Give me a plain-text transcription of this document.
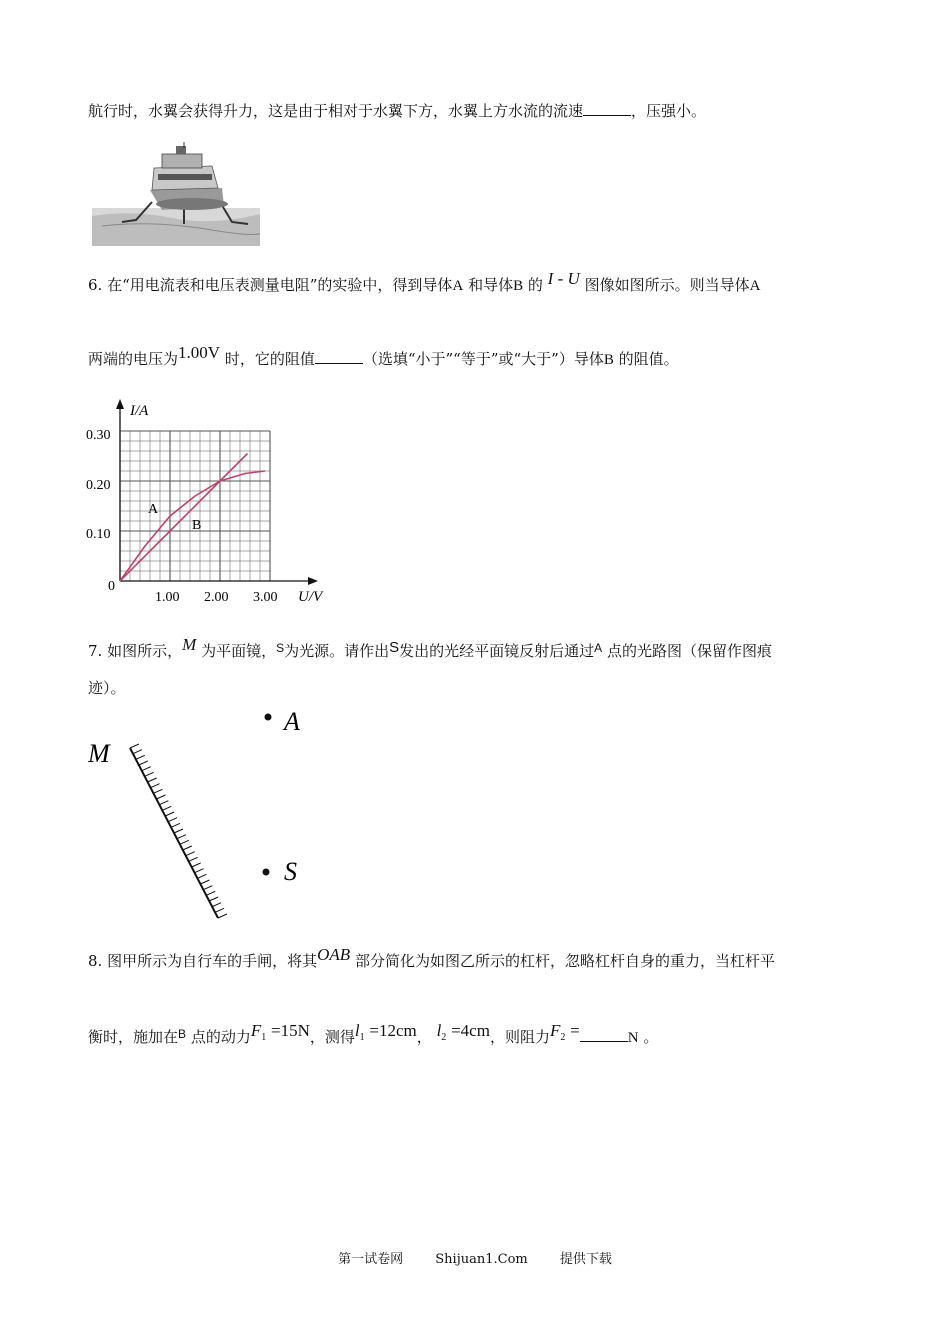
航行时，水翼会获得升力，这是由于相对于水翼下方，水翼上方水流的流速	，压强小。
6. 在“用电流表和电压表测量电阻”的实验中，得到导体A 和导体B 的 I - U 图像如图所示。则当导体A
两端的电压为1.00V 时，它的阻值	（选填“小于”“等于”或“大于”）导体B 的阻值。
I/A
U/V
0.30
0.20
0.10
0
1.00 2.00 3.00
A
B
7. 如图所示，M 为平面镜，$^S$为光源。请作出S发出的光经平面镜反射后通过$^A$ 点的光路图（保留作图痕
迹）。
M
A
S
8. 图甲所示为自行车的手闸，将其OAB 部分简化为如图乙所示的杠杆，忽略杠杆自身的重力，当杠杆平
衡时，施加在$^B$ 点的动力$F_1 =15N$，测得$l_1 =12cm$， $l_2 =4cm$，则阻力$F_2$ =	N 。
第一试卷网 Shijuan1.Com 提供下载
